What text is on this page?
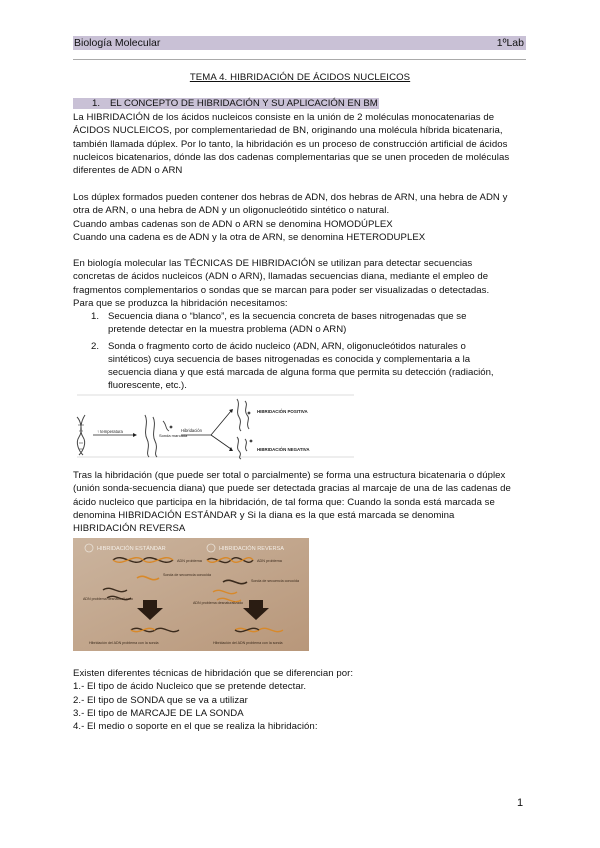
Biología Molecular	1ºLab
TEMA 4. HIBRIDACIÓN DE ÁCIDOS NUCLEICOS
1. EL CONCEPTO DE HIBRIDACIÓN Y SU APLICACIÓN EN BM
La HIBRIDACIÓN de los ácidos nucleicos consiste en la unión de 2 moléculas monocatenarias de
ÁCIDOS NUCLEICOS, por complementariedad de BN, originando una molécula híbrida bicatenaria,
también llamada dúplex. Por lo tanto, la hibridación es un proceso de construcción artificial de ácidos
nucleicos bicatenarios, dónde las dos cadenas complementarias que se unen proceden de moléculas
diferentes de ADN o ARN
Los dúplex formados pueden contener dos hebras de ADN, dos hebras de ARN, una hebra de ADN y
otra de ARN, o una hebra de ADN y un oligonucleótido sintético o natural.
Cuando ambas cadenas son de ADN o ARN se denomina HOMODÚPLEX
Cuando una cadena es de ADN y la otra de ARN, se denomina HETERODUPLEX
En biología molecular las TÉCNICAS DE HIBRIDACIÓN se utilizan para detectar secuencias
concretas de ácidos nucleicos (ADN o ARN), llamadas secuencias diana, mediante el empleo de
fragmentos complementarios o sondas que se marcan para poder ser visualizadas o detectadas.
Para que se produzca la hibridación necesitamos:
1. Secuencia diana o “blanco”, es la secuencia concreta de bases nitrogenadas que se
pretende detectar en la muestra problema (ADN o ARN)
2. Sonda o fragmento corto de ácido nucleico (ADN, ARN, oligonucleótidos naturales o
sintéticos) cuya secuencia de bases nitrogenadas es conocida y complementaria a la
secuencia diana y que está marcada de alguna forma que permita su detección (radiación,
fluorescente, etc.).
↑ temperatura
Sonda marcada
Hibridación
HIBRIDACIÓN POSITIVA
HIBRIDACIÓN NEGATIVA
Tras la hibridación (que puede ser total o parcialmente) se forma una estructura bicatenaria o dúplex
(unión sonda-secuencia diana) que puede ser detectada gracias al marcaje de una de las cadenas de
ácido nucleico que participa en la hibridación, de tal forma que: Cuando la sonda está marcada se
denomina HIBRIDACIÓN ESTÁNDAR y Si la diana es la que está marcada se denomina
HIBRIDACIÓN REVERSA
HIBRIDACIÓN ESTÁNDAR	HIBRIDACIÓN REVERSA
ADN problema
Sonda de secuencia conocida
ADN problema desnaturalizado
Hibridación del ADN problema con la sonda
ADN problema
Sonda de secuencia conocida
ADN problema desnaturalizado
Hibridación del ADN problema con la sonda
Existen diferentes técnicas de hibridación que se diferencian por:
1.- El tipo de ácido Nucleico que se pretende detectar.
2.- El tipo de SONDA que se va a utilizar
3.- El tipo de MARCAJE DE LA SONDA
4.- El medio o soporte en el que se realiza la hibridación:
1
